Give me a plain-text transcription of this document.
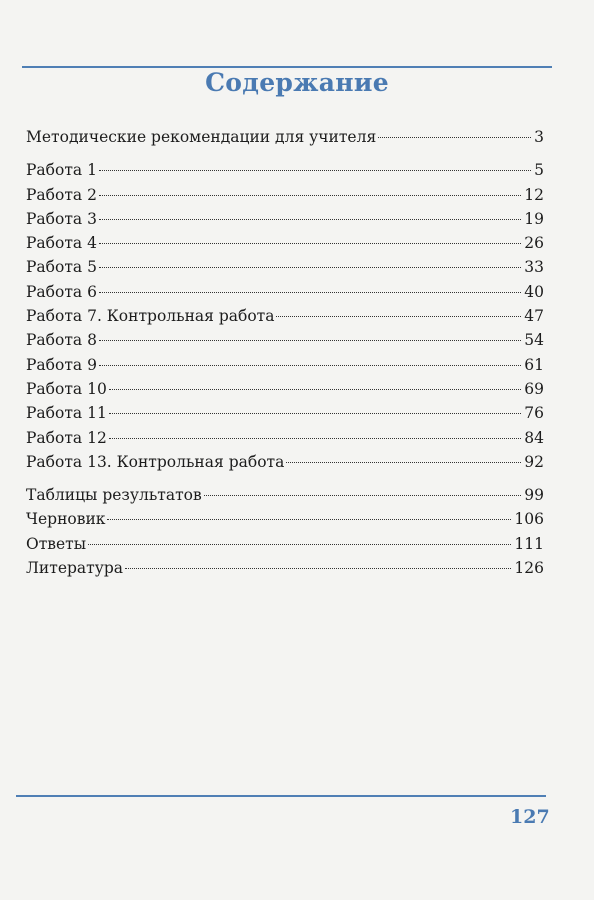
Содержание
Методические рекомендации для учителя	3
Работа 1	5
Работа 2	12
Работа 3	19
Работа 4	26
Работа 5	33
Работа 6	40
Работа 7. Контрольная работа	47
Работа 8	54
Работа 9	61
Работа 10	69
Работа 11	76
Работа 12	84
Работа 13. Контрольная работа	92
Таблицы результатов	99
Черновик	106
Ответы	111
Литература	126
127
